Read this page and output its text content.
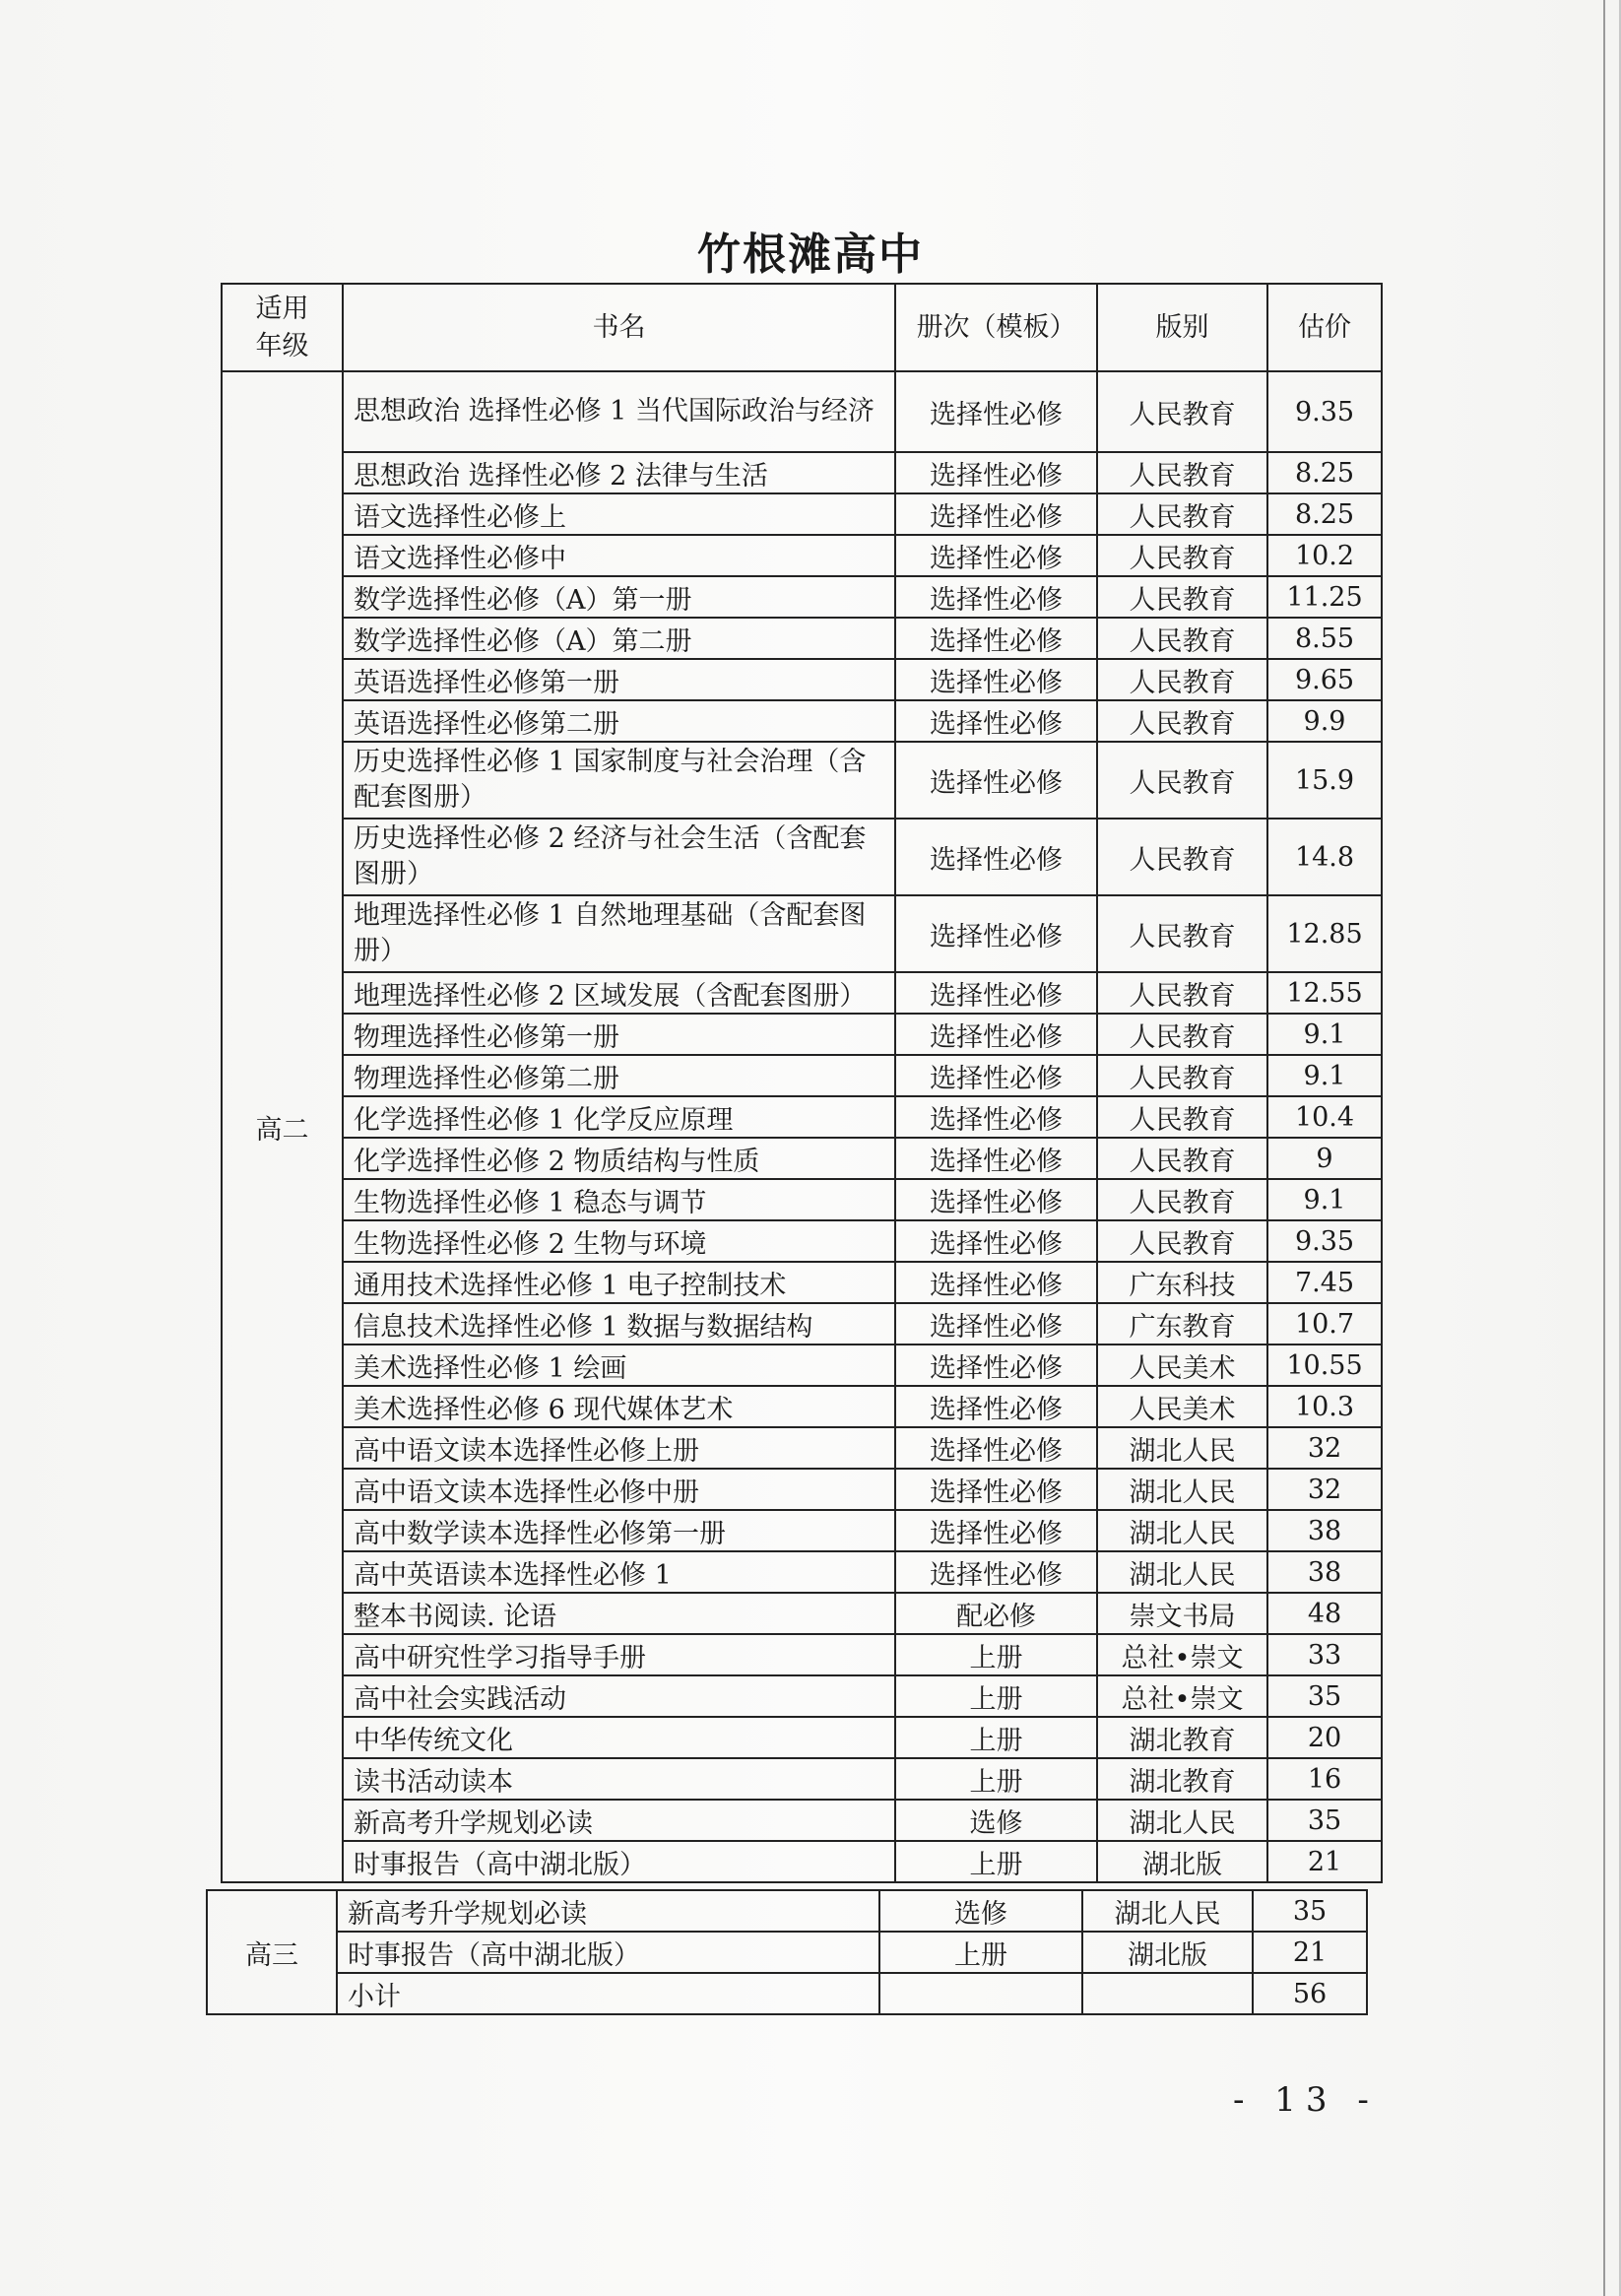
竹根滩高中
适用年级	书名	册次（模板）	版别	估价
高二	思想政治 选择性必修 1 当代国际政治与经济	选择性必修	人民教育	9.35
	思想政治 选择性必修 2 法律与生活	选择性必修	人民教育	8.25
	语文选择性必修上	选择性必修	人民教育	8.25
	语文选择性必修中	选择性必修	人民教育	10.2
	数学选择性必修（A）第一册	选择性必修	人民教育	11.25
	数学选择性必修（A）第二册	选择性必修	人民教育	8.55
	英语选择性必修第一册	选择性必修	人民教育	9.65
	英语选择性必修第二册	选择性必修	人民教育	9.9
	历史选择性必修 1 国家制度与社会治理（含配套图册）	选择性必修	人民教育	15.9
	历史选择性必修 2 经济与社会生活（含配套图册）	选择性必修	人民教育	14.8
	地理选择性必修 1 自然地理基础（含配套图册）	选择性必修	人民教育	12.85
	地理选择性必修 2 区域发展（含配套图册）	选择性必修	人民教育	12.55
	物理选择性必修第一册	选择性必修	人民教育	9.1
	物理选择性必修第二册	选择性必修	人民教育	9.1
	化学选择性必修 1 化学反应原理	选择性必修	人民教育	10.4
	化学选择性必修 2 物质结构与性质	选择性必修	人民教育	9
	生物选择性必修 1 稳态与调节	选择性必修	人民教育	9.1
	生物选择性必修 2 生物与环境	选择性必修	人民教育	9.35
	通用技术选择性必修 1 电子控制技术	选择性必修	广东科技	7.45
	信息技术选择性必修 1 数据与数据结构	选择性必修	广东教育	10.7
	美术选择性必修 1 绘画	选择性必修	人民美术	10.55
	美术选择性必修 6 现代媒体艺术	选择性必修	人民美术	10.3
	高中语文读本选择性必修上册	选择性必修	湖北人民	32
	高中语文读本选择性必修中册	选择性必修	湖北人民	32
	高中数学读本选择性必修第一册	选择性必修	湖北人民	38
	高中英语读本选择性必修 1	选择性必修	湖北人民	38
	整本书阅读. 论语	配必修	崇文书局	48
	高中研究性学习指导手册	上册	总社•崇文	33
	高中社会实践活动	上册	总社•崇文	35
	中华传统文化	上册	湖北教育	20
	读书活动读本	上册	湖北教育	16
	新高考升学规划必读	选修	湖北人民	35
	时事报告（高中湖北版）	上册	湖北版	21
高三	新高考升学规划必读	选修	湖北人民	35
	时事报告（高中湖北版）	上册	湖北版	21
	小计			56
- 13 -
